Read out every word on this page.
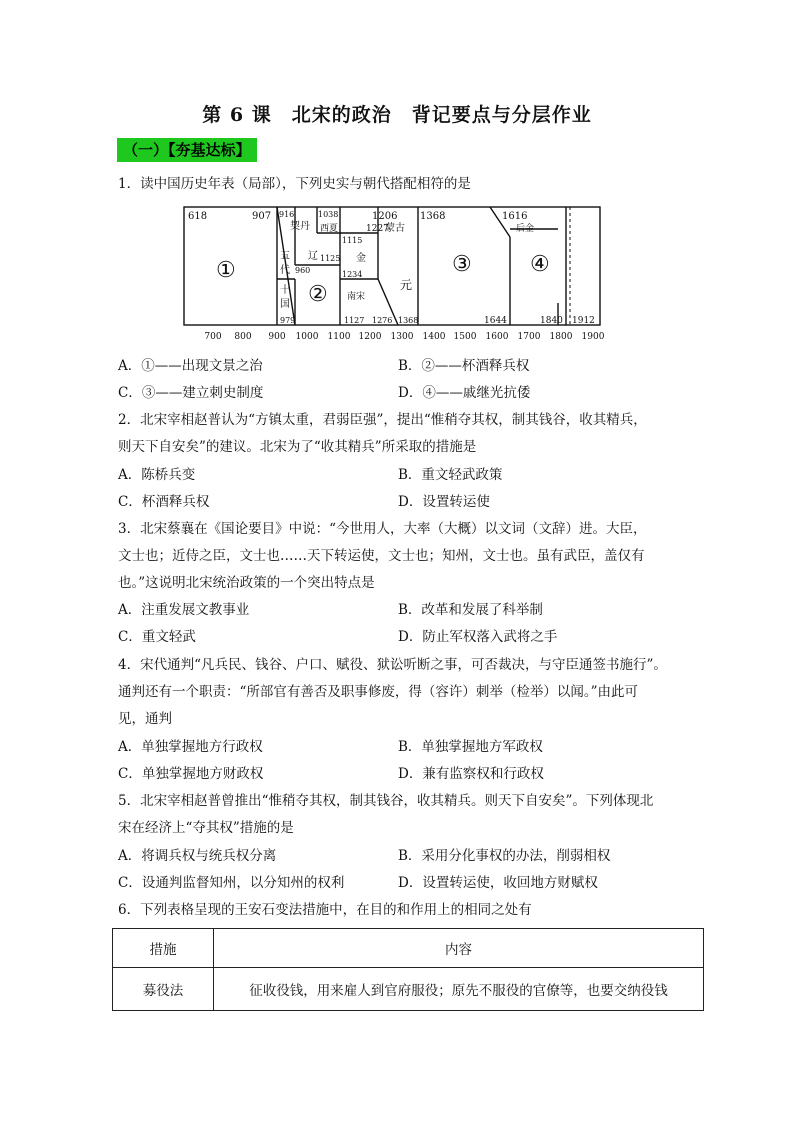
第 6 课　北宋的政治　背记要点与分层作业
（一）【夯基达标】
1．读中国历史年表（局部），下列史实与朝代搭配相符的是
618	907 916	1038	1206 1368	1616
契丹 西夏	1227
蒙古	后金
1115
辽 1125 金
五
代 960	1234
十
国
979
南宋
1127 1276
元
1368	1644	1840 1912
①
②
③	④
700 800 900 1000 1100 1200 1300 1400 1500 1600 1700 1800 1900
A．①——出现文景之治	B．②——杯酒释兵权
C．③——建立刺史制度	D．④——戚继光抗倭
2．北宋宰相赵普认为“方镇太重，君弱臣强”，提出“惟稍夺其权，制其钱谷，收其精兵，
则天下自安矣”的建议。北宋为了“收其精兵”所采取的措施是
A．陈桥兵变	B．重文轻武政策
C．杯酒释兵权	D．设置转运使
3．北宋蔡襄在《国论要目》中说：“今世用人，大率（大概）以文词（文辞）进。大臣，
文士也；近侍之臣，文士也……天下转运使，文士也；知州，文士也。虽有武臣，盖仅有
也。”这说明北宋统治政策的一个突出特点是
A．注重发展文教事业	B．改革和发展了科举制
C．重文轻武	D．防止军权落入武将之手
4．宋代通判“凡兵民、钱谷、户口、赋役、狱讼听断之事，可否裁决，与守臣通签书施行”。
通判还有一个职责：“所部官有善否及职事修废，得（容许）刺举（检举）以闻。”由此可
见，通判
A．单独掌握地方行政权	B．单独掌握地方军政权
C．单独掌握地方财政权	D．兼有监察权和行政权
5．北宋宰相赵普曾推出“惟稍夺其权，制其钱谷，收其精兵。则天下自安矣”。下列体现北
宋在经济上“夺其权”措施的是
A．将调兵权与统兵权分离	B．采用分化事权的办法，削弱相权
C．设通判监督知州，以分知州的权利	D．设置转运使，收回地方财赋权
6．下列表格呈现的王安石变法措施中，在目的和作用上的相同之处有
措施	内容
募役法	征收役钱，用来雇人到官府服役；原先不服役的官僚等，也要交纳役钱
